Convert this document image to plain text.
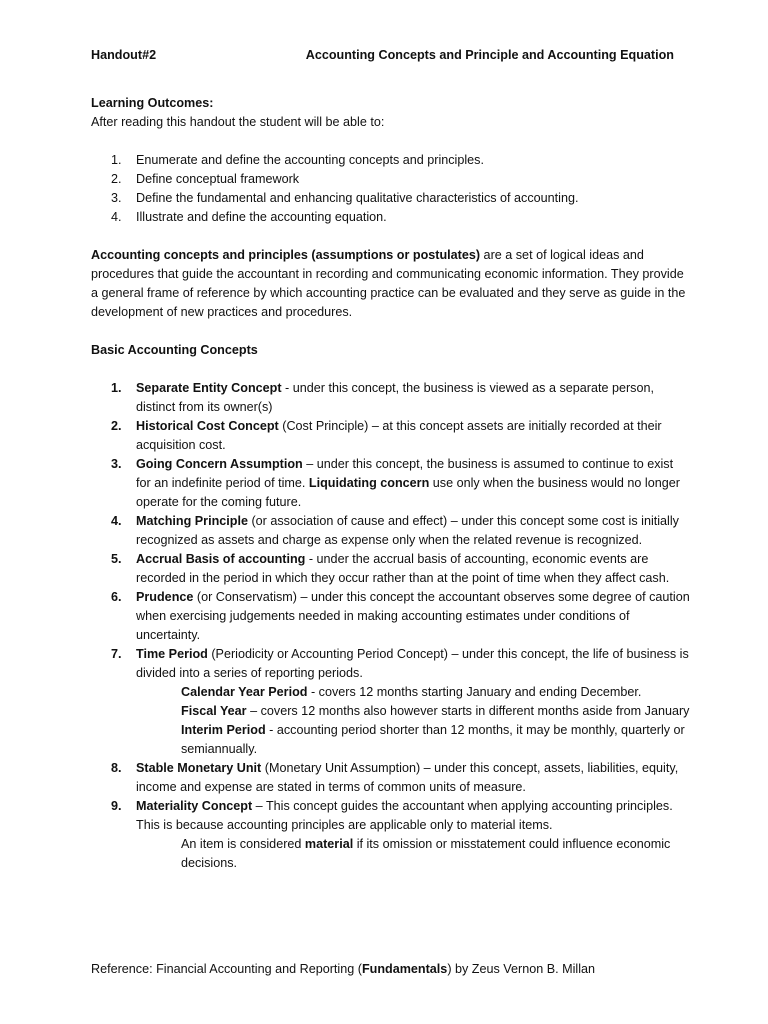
Handout#2	Accounting Concepts and Principle and Accounting Equation

Learning Outcomes:

After reading this handout the student will be able to:

1. Enumerate and define the accounting concepts and principles.
2. Define conceptual framework
3. Define the fundamental and enhancing qualitative characteristics of accounting.
4. Illustrate and define the accounting equation.

Accounting concepts and principles (assumptions or postulates) are a set of logical ideas and procedures that guide the accountant in recording and communicating economic information. They provide a general frame of reference by which accounting practice can be evaluated and they serve as guide in the development of new practices and procedures.

Basic Accounting Concepts

1. Separate Entity Concept - under this concept, the business is viewed as a separate person, distinct from its owner(s)
2. Historical Cost Concept (Cost Principle) – at this concept assets are initially recorded at their acquisition cost.
3. Going Concern Assumption – under this concept, the business is assumed to continue to exist for an indefinite period of time. Liquidating concern use only when the business would no longer operate for the coming future.
4. Matching Principle (or association of cause and effect) – under this concept some cost is initially recognized as assets and charge as expense only when the related revenue is recognized.
5. Accrual Basis of accounting - under the accrual basis of accounting, economic events are recorded in the period in which they occur rather than at the point of time when they affect cash.
6. Prudence (or Conservatism) – under this concept the accountant observes some degree of caution when exercising judgements needed in making accounting estimates under conditions of uncertainty.
7. Time Period (Periodicity or Accounting Period Concept) – under this concept, the life of business is divided into a series of reporting periods.
Calendar Year Period - covers 12 months starting January and ending December.
Fiscal Year – covers 12 months also however starts in different months aside from January
Interim Period - accounting period shorter than 12 months, it may be monthly, quarterly or semiannually.
8. Stable Monetary Unit (Monetary Unit Assumption) – under this concept, assets, liabilities, equity, income and expense are stated in terms of common units of measure.
9. Materiality Concept – This concept guides the accountant when applying accounting principles. This is because accounting principles are applicable only to material items.
An item is considered material if its omission or misstatement could influence economic decisions.

Reference: Financial Accounting and Reporting (Fundamentals) by Zeus Vernon B. Millan
